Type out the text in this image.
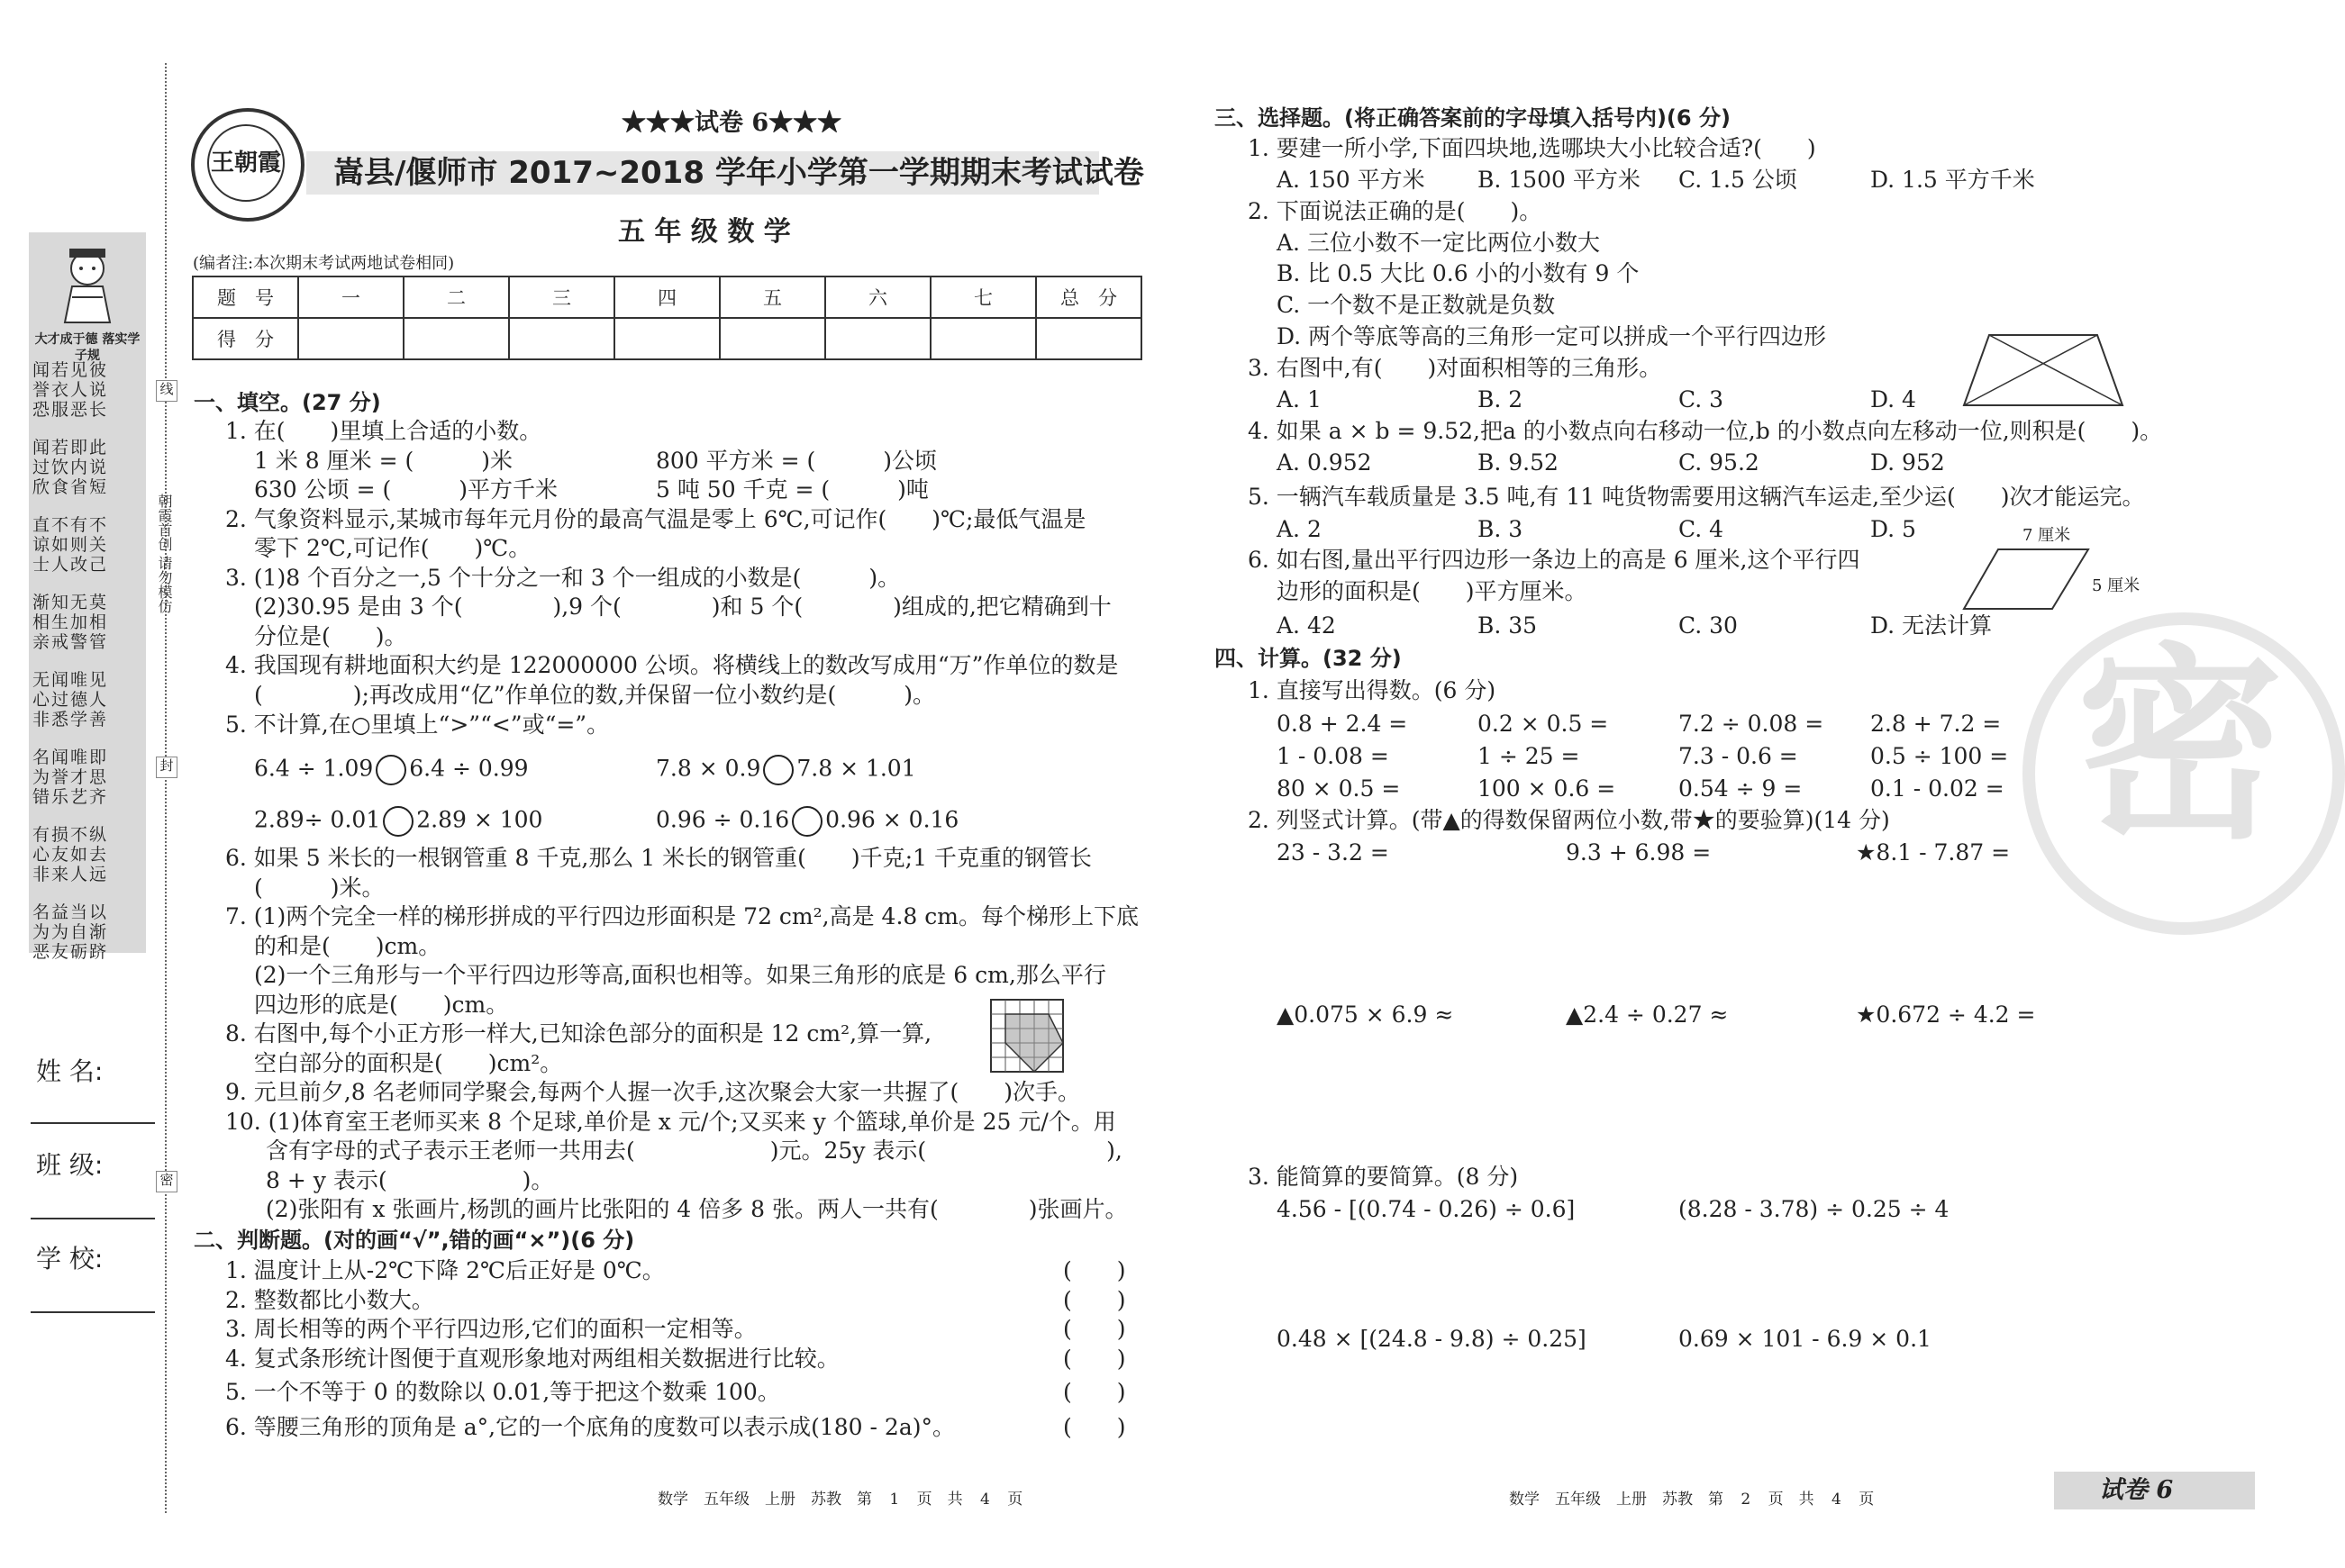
大才成于德 落实学子规
闻若见彼
誉衣人说
恐服恶长
闻若即此
过饮内说
欣食省短
直不有不
谅如则关
士人改己
渐知无莫
相生加相
亲戒警管
无闻唯见
心过德人
非悉学善
名闻唯即
为誉才思
错乐艺齐
有损不纵
心友如去
非来人远
名益当以
为为自渐
恶友砺跻
线
朝霞首创 请勿模仿
封
密
姓 名:
班 级:
学 校:
王朝霞
★★★试卷 6★★★
嵩县/偃师市 2017~2018 学年小学第一学期期末考试试卷
五 年 级 数 学
(编者注:本次期末考试两地试卷相同)
题　号	一	二	三	四	五	六	七	总　分
得　分								
一、填空。(27 分)
1. 在(　　)里填上合适的小数。
1 米 8 厘米 = (　　　)米	800 平方米 = (　　　)公顷
630 公顷 = (　　　)平方千米	5 吨 50 千克 = (　　　)吨
2. 气象资料显示,某城市每年元月份的最高气温是零上 6℃,可记作(　　)℃;最低气温是
零下 2℃,可记作(　　)℃。
3. (1)8 个百分之一,5 个十分之一和 3 个一组成的小数是(　　　)。
(2)30.95 是由 3 个(　　　　),9 个(　　　　)和 5 个(　　　　)组成的,把它精确到十
分位是(　　)。
4. 我国现有耕地面积大约是 122000000 公顷。将横线上的数改写成用“万”作单位的数是
(　　　　);再改成用“亿”作单位的数,并保留一位小数约是(　　　)。
5. 不计算,在○里填上“>”“<”或“=”。
6.4 ÷ 1.09 6.4 ÷ 0.99	7.8 × 0.9 7.8 × 1.01
2.89÷ 0.01 2.89 × 100	0.96 ÷ 0.16 0.96 × 0.16
6. 如果 5 米长的一根钢管重 8 千克,那么 1 米长的钢管重(　　)千克;1 千克重的钢管长
(　　　)米。
7. (1)两个完全一样的梯形拼成的平行四边形面积是 72 cm²,高是 4.8 cm。每个梯形上下底
的和是(　　)cm。
(2)一个三角形与一个平行四边形等高,面积也相等。如果三角形的底是 6 cm,那么平行
四边形的底是(　　)cm。
8. 右图中,每个小正方形一样大,已知涂色部分的面积是 12 cm²,算一算,
空白部分的面积是(　　)cm²。
9. 元旦前夕,8 名老师同学聚会,每两个人握一次手,这次聚会大家一共握了(　　)次手。
10. (1)体育室王老师买来 8 个足球,单价是 x 元/个;又买来 y 个篮球,单价是 25 元/个。用
含有字母的式子表示王老师一共用去(　　　　　　)元。25y 表示(　　　　　　　　),
8 + y 表示(　　　　　　)。
(2)张阳有 x 张画片,杨凯的画片比张阳的 4 倍多 8 张。两人一共有(　　　　)张画片。
二、判断题。(对的画“√”,错的画“×”)(6 分)
1. 温度计上从-2℃下降 2℃后正好是 0℃。	(　　)
2. 整数都比小数大。	(　　)
3. 周长相等的两个平行四边形,它们的面积一定相等。	(　　)
4. 复式条形统计图便于直观形象地对两组相关数据进行比较。	(　　)
5. 一个不等于 0 的数除以 0.01,等于把这个数乘 100。	(　　)
6. 等腰三角形的顶角是 a°,它的一个底角的度数可以表示成(180 - 2a)°。	(　　)
数学　五年级　上册　苏教　第 1 页　共 4 页
密
三、选择题。(将正确答案前的字母填入括号内)(6 分)
1. 要建一所小学,下面四块地,选哪块大小比较合适?(　　)
A. 150 平方米 B. 1500 平方米 C. 1.5 公顷	D. 1.5 平方千米
2. 下面说法正确的是(　　)。
A. 三位小数不一定比两位小数大
B. 比 0.5 大比 0.6 小的小数有 9 个
C. 一个数不是正数就是负数
D. 两个等底等高的三角形一定可以拼成一个平行四边形
3. 右图中,有(　　)对面积相等的三角形。
A. 1	B. 2	C. 3	D. 4
4. 如果 a × b = 9.52,把a 的小数点向右移动一位,b 的小数点向左移动一位,则积是(　　)。
A. 0.952	B. 9.52	C. 95.2	D. 952
5. 一辆汽车载质量是 3.5 吨,有 11 吨货物需要用这辆汽车运走,至少运(　　)次才能运完。
A. 2	B. 3	C. 4	D. 5	7 厘米
5 厘米
6. 如右图,量出平行四边形一条边上的高是 6 厘米,这个平行四
边形的面积是(　　)平方厘米。
A. 42	B. 35	C. 30	D. 无法计算
四、计算。(32 分)
1. 直接写出得数。(6 分)
0.8 + 2.4 =	0.2 × 0.5 =	7.2 ÷ 0.08 = 2.8 + 7.2 =
1 - 0.08 =	1 ÷ 25 =	7.3 - 0.6 =	0.5 ÷ 100 =
80 × 0.5 =	100 × 0.6 =	0.54 ÷ 9 =	0.1 - 0.02 =
2. 列竖式计算。(带▲的得数保留两位小数,带★的要验算)(14 分)
23 - 3.2 =	9.3 + 6.98 =	★8.1 - 7.87 =
▲0.075 × 6.9 ≈	▲2.4 ÷ 0.27 ≈	★0.672 ÷ 4.2 =
3. 能简算的要简算。(8 分)
4.56 - [(0.74 - 0.26) ÷ 0.6]	(8.28 - 3.78) ÷ 0.25 ÷ 4
0.48 × [(24.8 - 9.8) ÷ 0.25]	0.69 × 101 - 6.9 × 0.1
数学　五年级　上册　苏教　第 2 页　共 4 页	试卷 6
